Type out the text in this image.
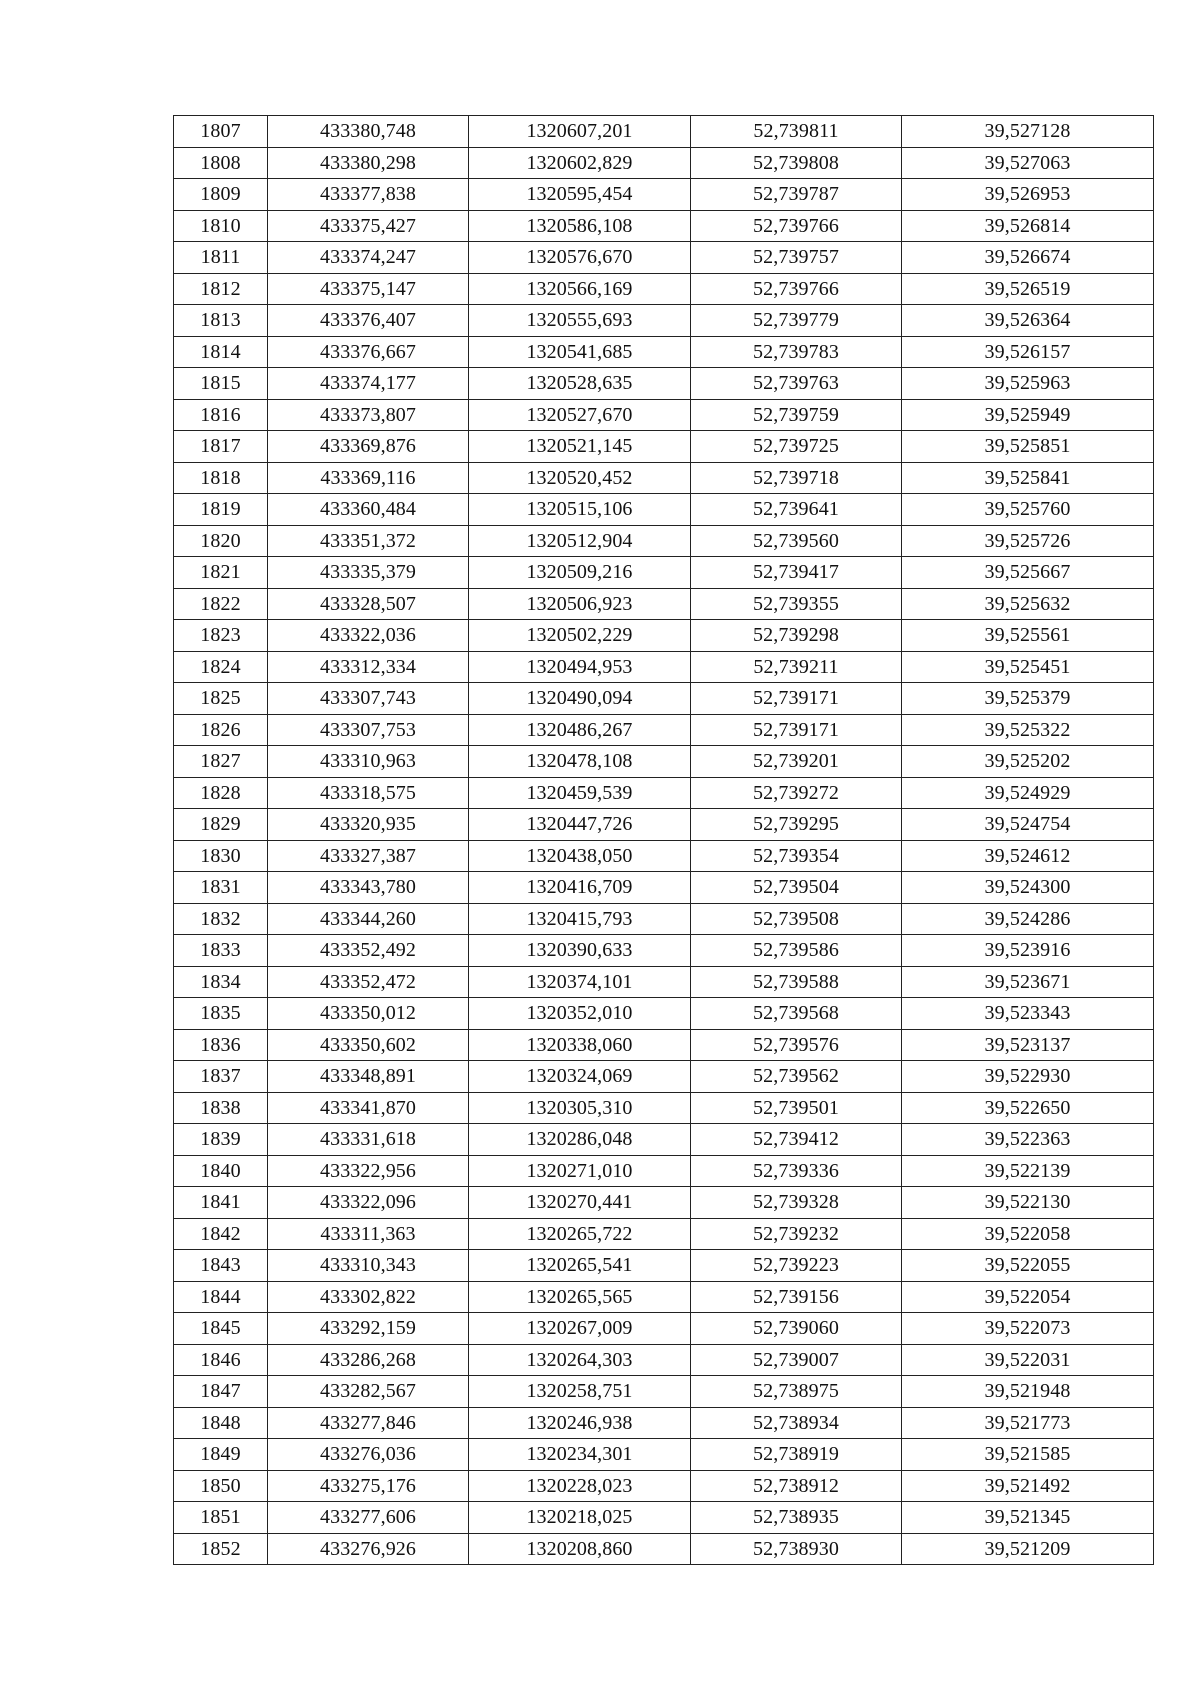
1807	433380,748	1320607,201	52,739811	39,527128
1808	433380,298	1320602,829	52,739808	39,527063
1809	433377,838	1320595,454	52,739787	39,526953
1810	433375,427	1320586,108	52,739766	39,526814
1811	433374,247	1320576,670	52,739757	39,526674
1812	433375,147	1320566,169	52,739766	39,526519
1813	433376,407	1320555,693	52,739779	39,526364
1814	433376,667	1320541,685	52,739783	39,526157
1815	433374,177	1320528,635	52,739763	39,525963
1816	433373,807	1320527,670	52,739759	39,525949
1817	433369,876	1320521,145	52,739725	39,525851
1818	433369,116	1320520,452	52,739718	39,525841
1819	433360,484	1320515,106	52,739641	39,525760
1820	433351,372	1320512,904	52,739560	39,525726
1821	433335,379	1320509,216	52,739417	39,525667
1822	433328,507	1320506,923	52,739355	39,525632
1823	433322,036	1320502,229	52,739298	39,525561
1824	433312,334	1320494,953	52,739211	39,525451
1825	433307,743	1320490,094	52,739171	39,525379
1826	433307,753	1320486,267	52,739171	39,525322
1827	433310,963	1320478,108	52,739201	39,525202
1828	433318,575	1320459,539	52,739272	39,524929
1829	433320,935	1320447,726	52,739295	39,524754
1830	433327,387	1320438,050	52,739354	39,524612
1831	433343,780	1320416,709	52,739504	39,524300
1832	433344,260	1320415,793	52,739508	39,524286
1833	433352,492	1320390,633	52,739586	39,523916
1834	433352,472	1320374,101	52,739588	39,523671
1835	433350,012	1320352,010	52,739568	39,523343
1836	433350,602	1320338,060	52,739576	39,523137
1837	433348,891	1320324,069	52,739562	39,522930
1838	433341,870	1320305,310	52,739501	39,522650
1839	433331,618	1320286,048	52,739412	39,522363
1840	433322,956	1320271,010	52,739336	39,522139
1841	433322,096	1320270,441	52,739328	39,522130
1842	433311,363	1320265,722	52,739232	39,522058
1843	433310,343	1320265,541	52,739223	39,522055
1844	433302,822	1320265,565	52,739156	39,522054
1845	433292,159	1320267,009	52,739060	39,522073
1846	433286,268	1320264,303	52,739007	39,522031
1847	433282,567	1320258,751	52,738975	39,521948
1848	433277,846	1320246,938	52,738934	39,521773
1849	433276,036	1320234,301	52,738919	39,521585
1850	433275,176	1320228,023	52,738912	39,521492
1851	433277,606	1320218,025	52,738935	39,521345
1852	433276,926	1320208,860	52,738930	39,521209
